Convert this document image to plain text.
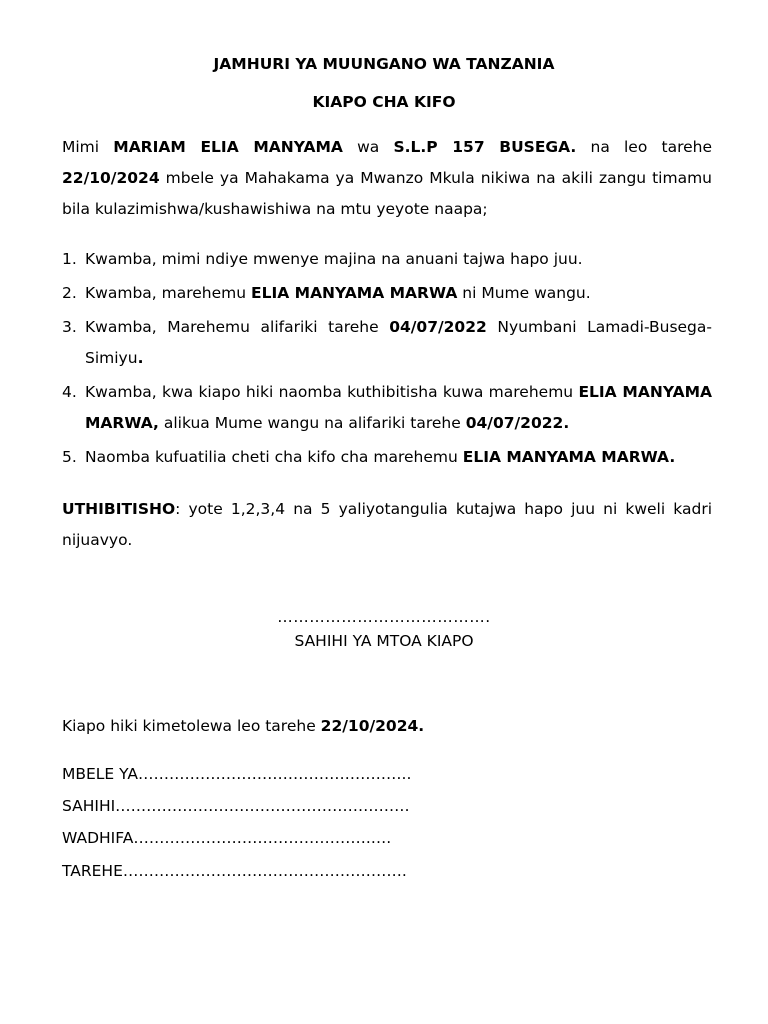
JAMHURI YA MUUNGANO WA TANZANIA
KIAPO CHA KIFO
Mimi MARIAM ELIA MANYAMA wa S.L.P 157 BUSEGA. na leo tarehe 22/10/2024 mbele ya Mahakama ya Mwanzo Mkula nikiwa na akili zangu timamu bila kulazimishwa/kushawishiwa na mtu yeyote naapa;
1. Kwamba, mimi ndiye mwenye majina na anuani tajwa hapo juu.
2. Kwamba, marehemu ELIA MANYAMA MARWA ni Mume wangu.
3. Kwamba, Marehemu alifariki tarehe 04/07/2022 Nyumbani Lamadi-Busega-Simiyu.
4. Kwamba, kwa kiapo hiki naomba kuthibitisha kuwa marehemu ELIA MANYAMA MARWA, alikua Mume wangu na alifariki tarehe 04/07/2022.
5. Naomba kufuatilia cheti cha kifo cha marehemu ELIA MANYAMA MARWA.
UTHIBITISHO: yote 1,2,3,4 na 5 yaliyotangulia kutajwa hapo juu ni kweli kadri nijuavyo.
………………………………….
SAHIHI YA MTOA KIAPO
Kiapo hiki kimetolewa leo tarehe 22/10/2024.
MBELE YA……………………………………………..
SAHIHI…………………………………………………
WADHIFA……………………………………….….
TAREHE……………………………………………….
